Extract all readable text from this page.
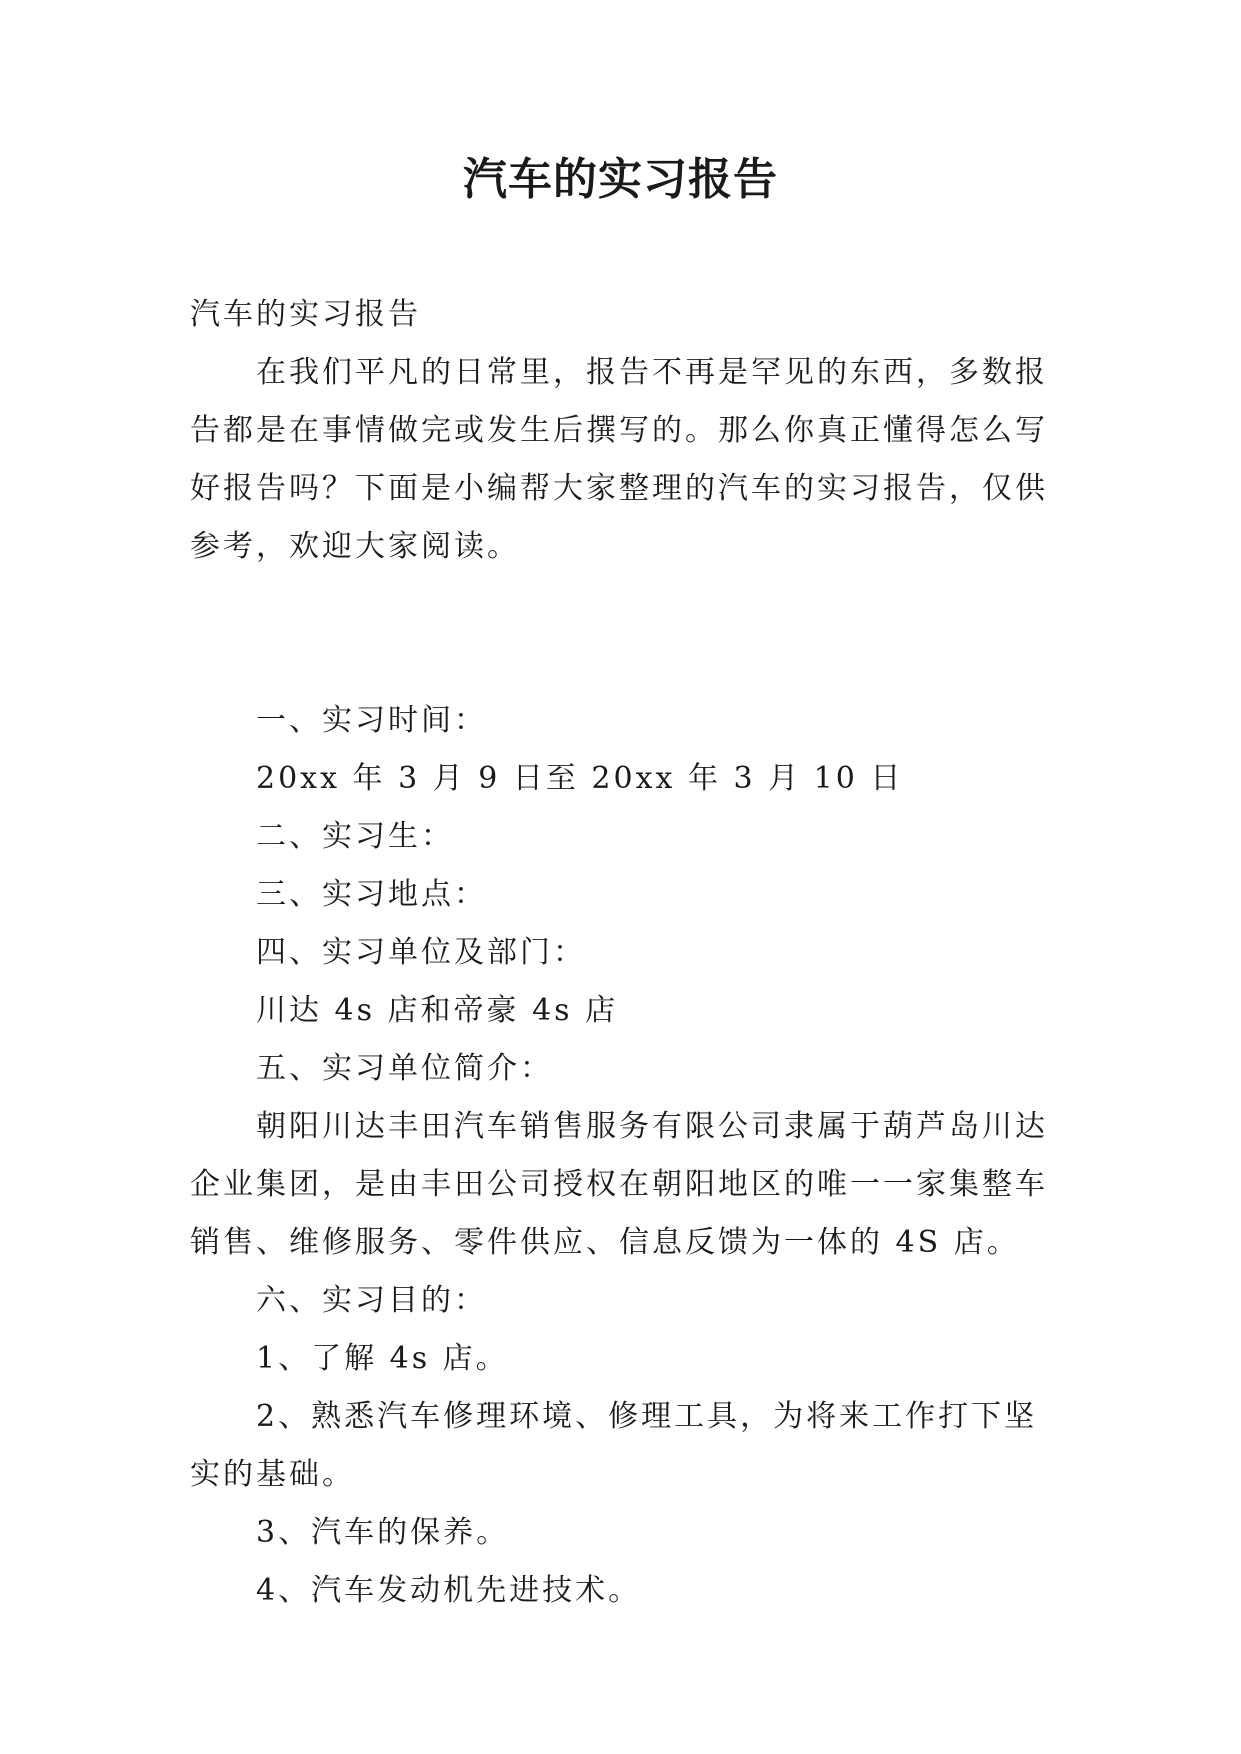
汽车的实习报告

汽车的实习报告

在我们平凡的日常里，报告不再是罕见的东西，多数报告都是在事情做完或发生后撰写的。那么你真正懂得怎么写好报告吗？下面是小编帮大家整理的汽车的实习报告，仅供参考，欢迎大家阅读。

一、实习时间：

20xx 年 3 月 9 日至 20xx 年 3 月 10 日

二、实习生：

三、实习地点：

四、实习单位及部门：

川达 4s 店和帝豪 4s 店

五、实习单位简介：

朝阳川达丰田汽车销售服务有限公司隶属于葫芦岛川达企业集团，是由丰田公司授权在朝阳地区的唯一一家集整车销售、维修服务、零件供应、信息反馈为一体的 4S 店。

六、实习目的：

1、了解 4s 店。

2、熟悉汽车修理环境、修理工具，为将来工作打下坚实的基础。

3、汽车的保养。

4、汽车发动机先进技术。
